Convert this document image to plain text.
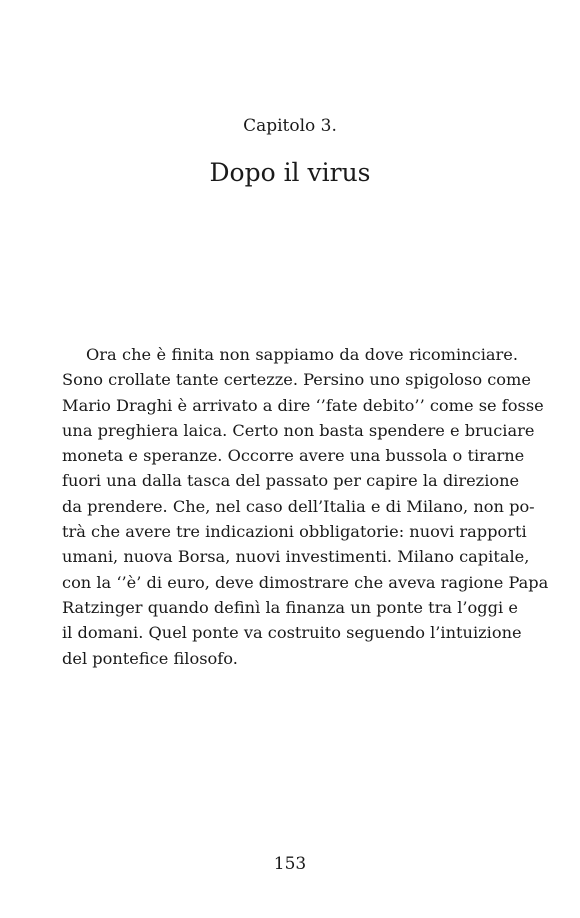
Capitolo 3.
Dopo il virus
Ora che è finita non sappiamo da dove ricominciare.
Sono crollate tante certezze. Persino uno spigoloso come
Mario Draghi è arrivato a dire ‘’fate debito’’ come se fosse
una preghiera laica. Certo non basta spendere e bruciare
moneta e speranze. Occorre avere una bussola o tirarne
fuori una dalla tasca del passato per capire la direzione
da prendere. Che, nel caso dell’Italia e di Milano, non po-
trà che avere tre indicazioni obbligatorie: nuovi rapporti
umani, nuova Borsa, nuovi investimenti. Milano capitale,
con la ‘’è’ di euro, deve dimostrare che aveva ragione Papa
Ratzinger quando definì la finanza un ponte tra l’oggi e
il domani. Quel ponte va costruito seguendo l’intuizione
del pontefice filosofo.
153
